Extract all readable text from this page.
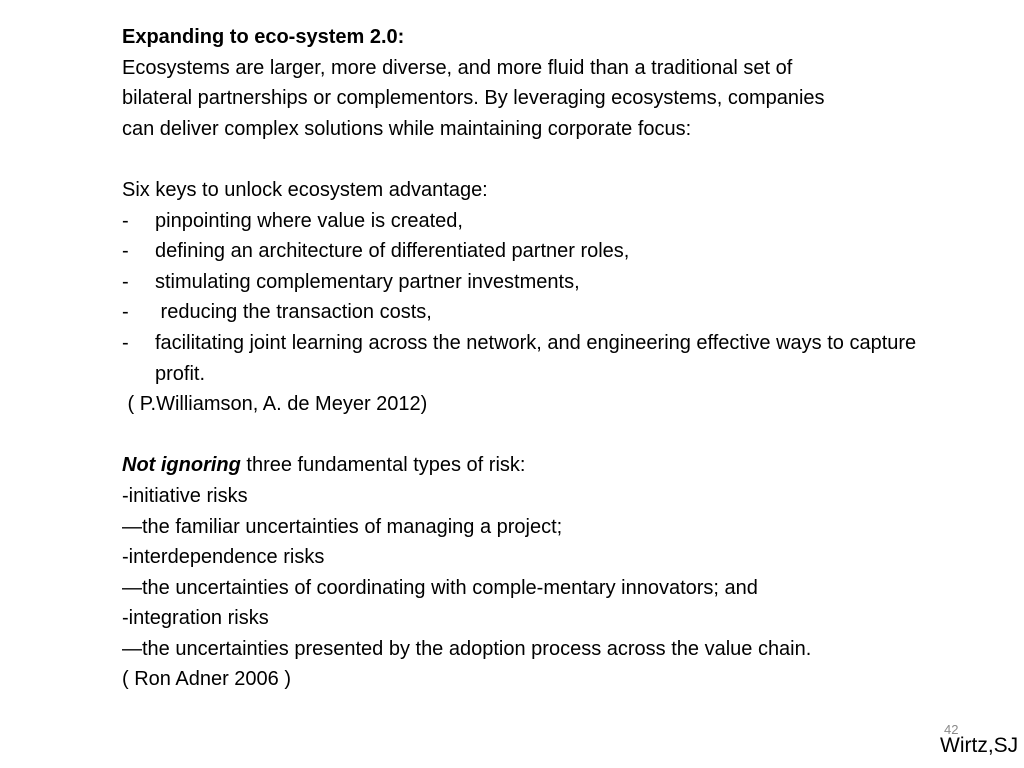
Expanding to eco-system 2.0:
Ecosystems are larger, more diverse, and more fluid than a traditional set of
bilateral partnerships or complementors. By leveraging ecosystems, companies
can deliver complex solutions while maintaining corporate focus:
Six keys to unlock ecosystem advantage:
-	pinpointing where value is created,
-	defining an architecture of differentiated partner roles,
-	stimulating complementary partner investments,
-	reducing the transaction costs,
-	facilitating joint learning across the network, and engineering effective ways to capture profit.
( P.Williamson, A. de Meyer 2012)
Not ignoring three fundamental types of risk:
-initiative risks
—the familiar uncertainties of managing a project;
-interdependence risks
—the uncertainties of coordinating with comple-mentary innovators; and
-integration risks
—the uncertainties presented by the adoption process across the value chain.
( Ron Adner 2006 )
42
Wirtz,SJ
